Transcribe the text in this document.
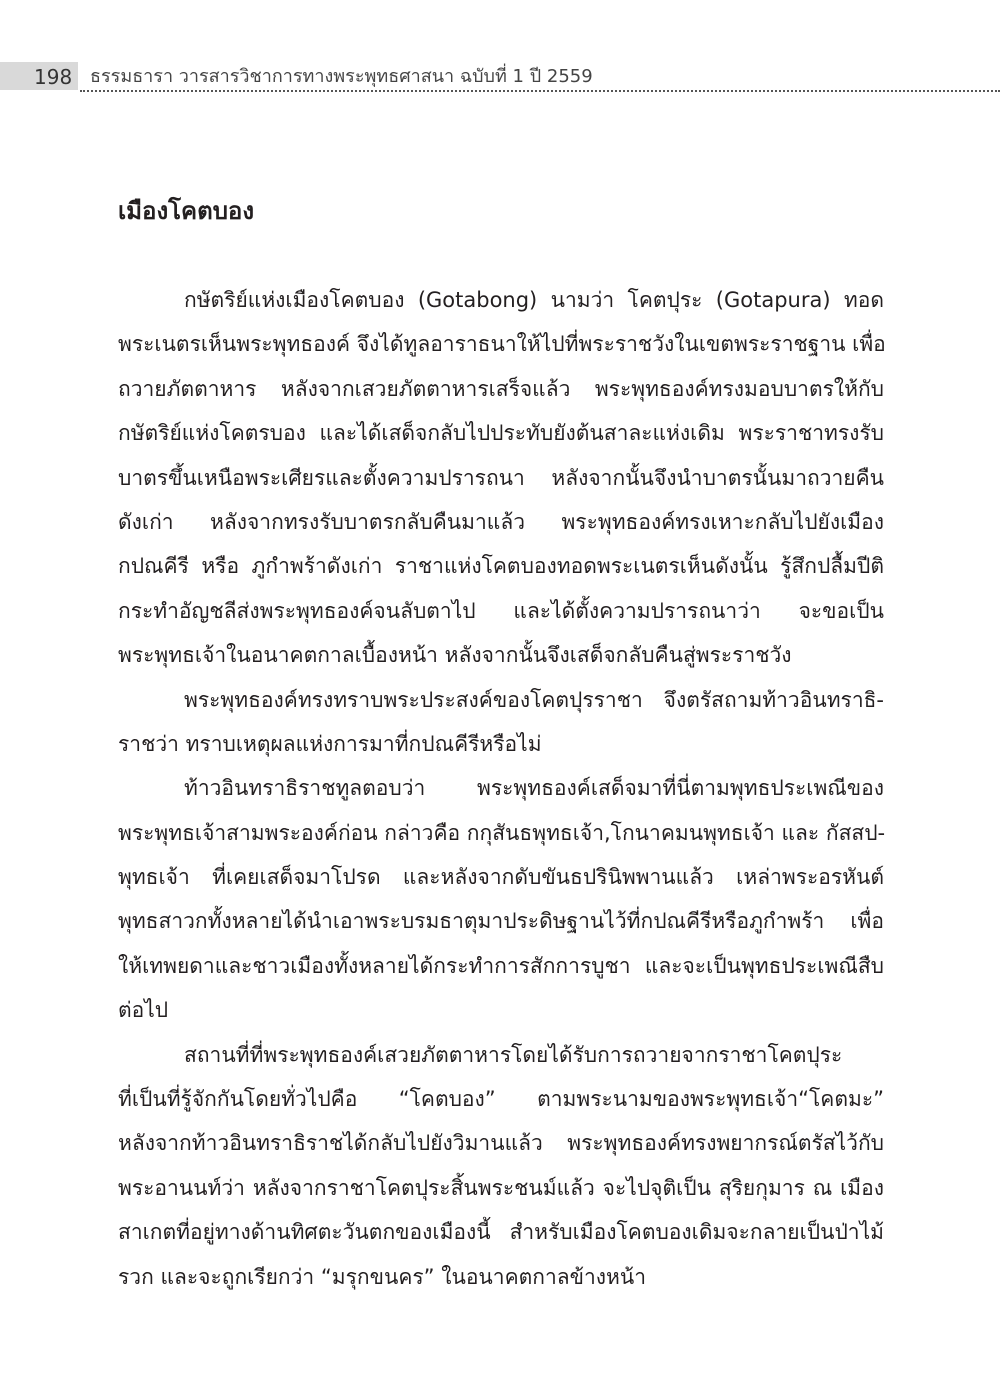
198 ธรรมธารา วารสารวิชาการทางพระพุทธศาสนา ฉบับที่ 1 ปี 2559
เมืองโคตบอง
กษัตริย์แห่งเมืองโคตบอง (Gotabong) นามว่า โคตปุระ (Gotapura) ทอด
พระเนตรเห็นพระพุทธองค์ จึงได้ทูลอาราธนาให้ไปที่พระราชวังในเขตพระราชฐาน เพื่อ
ถวายภัตตาหาร หลังจากเสวยภัตตาหารเสร็จแล้ว พระพุทธองค์ทรงมอบบาตรให้กับ
กษัตริย์แห่งโคตรบอง และได้เสด็จกลับไปประทับยังต้นสาละแห่งเดิม พระราชาทรงรับ
บาตรขึ้นเหนือพระเศียรและตั้งความปรารถนา หลังจากนั้นจึงนำบาตรนั้นมาถวายคืน
ดังเก่า หลังจากทรงรับบาตรกลับคืนมาแล้ว พระพุทธองค์ทรงเหาะกลับไปยังเมือง
กปณคีรี หรือ ภูกำพร้าดังเก่า ราชาแห่งโคตบองทอดพระเนตรเห็นดังนั้น รู้สึกปลื้มปีติ
กระทำอัญชลีส่งพระพุทธองค์จนลับตาไป และได้ตั้งความปรารถนาว่า จะขอเป็น
พระพุทธเจ้าในอนาคตกาลเบื้องหน้า หลังจากนั้นจึงเสด็จกลับคืนสู่พระราชวัง
พระพุทธองค์ทรงทราบพระประสงค์ของโคตปุรราชา จึงตรัสถามท้าวอินทราธิ-
ราชว่า ทราบเหตุผลแห่งการมาที่กปณคีรีหรือไม่
ท้าวอินทราธิราชทูลตอบว่า พระพุทธองค์เสด็จมาที่นี่ตามพุทธประเพณีของ
พระพุทธเจ้าสามพระองค์ก่อน กล่าวคือ กกุสันธพุทธเจ้า,โกนาคมนพุทธเจ้า และ กัสสป-
พุทธเจ้า ที่เคยเสด็จมาโปรด และหลังจากดับขันธปรินิพพานแล้ว เหล่าพระอรหันต์
พุทธสาวกทั้งหลายได้นำเอาพระบรมธาตุมาประดิษฐานไว้ที่กปณคีรีหรือภูกำพร้า เพื่อ
ให้เทพยดาและชาวเมืองทั้งหลายได้กระทำการสักการบูชา และจะเป็นพุทธประเพณีสืบ
ต่อไป
สถานที่ที่พระพุทธองค์เสวยภัตตาหารโดยได้รับการถวายจากราชาโคตปุระ
ที่เป็นที่รู้จักกันโดยทั่วไปคือ “โคตบอง” ตามพระนามของพระพุทธเจ้า“โคตมะ”
หลังจากท้าวอินทราธิราชได้กลับไปยังวิมานแล้ว พระพุทธองค์ทรงพยากรณ์ตรัสไว้กับ
พระอานนท์ว่า หลังจากราชาโคตปุระสิ้นพระชนม์แล้ว จะไปจุติเป็น สุริยกุมาร ณ เมือง
สาเกตที่อยู่ทางด้านทิศตะวันตกของเมืองนี้ สำหรับเมืองโคตบองเดิมจะกลายเป็นป่าไม้
รวก และจะถูกเรียกว่า “มรุกขนคร” ในอนาคตกาลข้างหน้า
